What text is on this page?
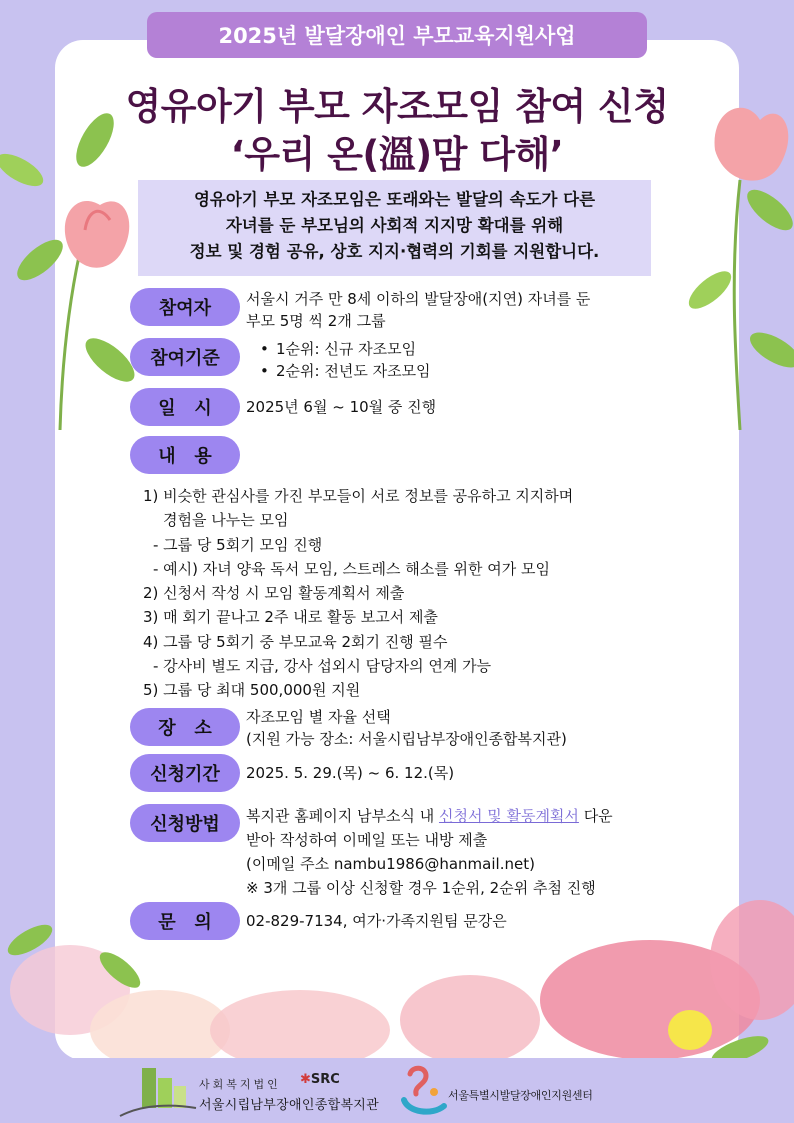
2025년 발달장애인 부모교육지원사업
영유아기 부모 자조모임 참여 신청
‘우리 온(溫)맘 다해’
영유아기 부모 자조모임은 또래와는 발달의 속도가 다른
자녀를 둔 부모님의 사회적 지지망 확대를 위해
정보 및 경험 공유, 상호 지지·협력의 기회를 지원합니다.
참여자	서울시 거주 만 8세 이하의 발달장애(지연) 자녀를 둔
부모 5명 씩 2개 그룹
참여기준
•	1순위: 신규 자조모임
• 2순위: 전년도 자조모임
일   시	2025년 6월 ~ 10월 중 진행
내   용
1) 비슷한 관심사를 가진 부모들이 서로 정보를 공유하고 지지하며
경험을 나누는 모임
- 그룹 당 5회기 모임 진행
- 예시) 자녀 양육 독서 모임, 스트레스 해소를 위한 여가 모임
2) 신청서 작성 시 모임 활동계획서 제출
3) 매 회기 끝나고 2주 내로 활동 보고서 제출
4) 그룹 당 5회기 중 부모교육 2회기 진행 필수
- 강사비 별도 지급, 강사 섭외시 담당자의 연계 가능
5) 그룹 당 최대 500,000원 지원
장   소
자조모임 별 자율 선택
(지원 가능 장소: 서울시립남부장애인종합복지관)
신청기간	2025. 5. 29.(목) ~ 6. 12.(목)
신청방법	복지관 홈페이지 남부소식 내 신청서 및 활동계획서 다운
받아 작성하여 이메일 또는 내방 제출
(이메일 주소 nambu1986@hanmail.net)
※ 3개 그룹 이상 신청할 경우 1순위, 2순위 추첨 진행
문   의	02-829-7134, 여가·가족지원팀 문강은
사회복지법인 ✱SRC
서울시립남부장애인종합복지관
서울특별시발달장애인지원센터
